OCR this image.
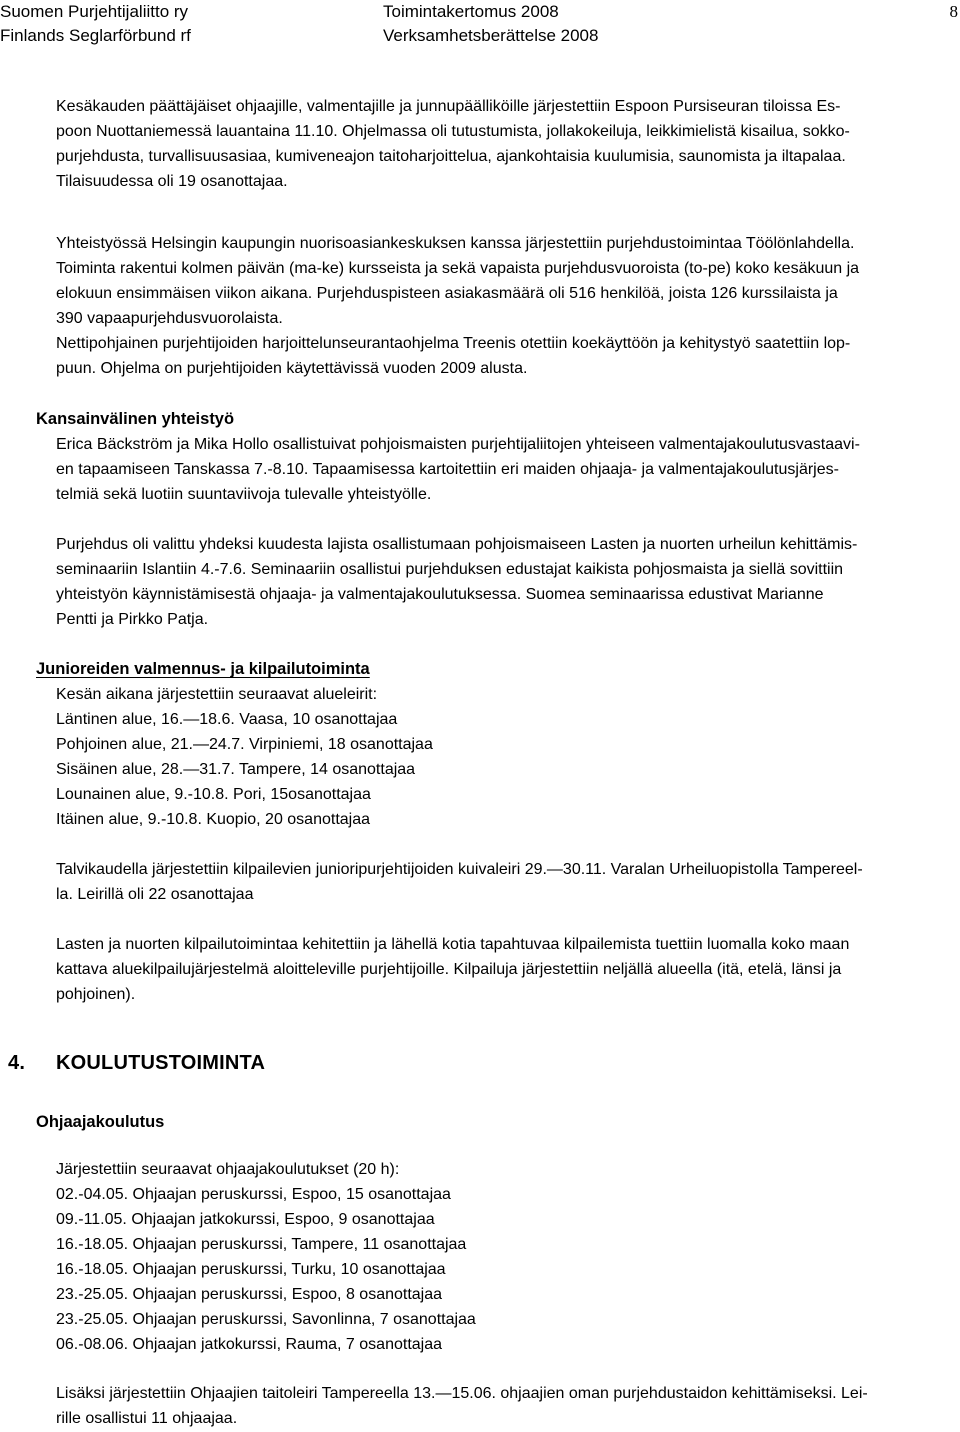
Suomen Purjehtijaliitto ry
Finlands Seglarförbund rf
Toimintakertomus 2008
Verksamhetsberättelse 2008
8
Kesäkauden päättäjäiset ohjaajille, valmentajille ja junnupäälliköille järjestettiin Espoon Pursiseuran tiloissa Es-
poon Nuottaniemessä lauantaina 11.10. Ohjelmassa oli tutustumista, jollakokeiluja, leikkimielistä kisailua, sokko-
purjehdusta, turvallisuusasiaa, kumiveneajon taitoharjoittelua, ajankohtaisia kuulumisia, saunomista ja iltapalaa.
Tilaisuudessa oli 19 osanottajaa.
Yhteistyössä Helsingin kaupungin nuorisoasiankeskuksen kanssa järjestettiin purjehdustoimintaa Töölönlahdella.
Toiminta rakentui kolmen päivän (ma-ke) kursseista ja sekä vapaista purjehdusvuoroista (to-pe) koko kesäkuun ja
elokuun ensimmäisen viikon aikana. Purjehduspisteen asiakasmäärä oli 516 henkilöä, joista 126 kurssilaista ja
390 vapaapurjehdusvuorolaista.
Nettipohjainen purjehtijoiden harjoittelunseurantaohjelma Treenis otettiin koekäyttöön ja kehitystyö saatettiin lop-
puun. Ohjelma on purjehtijoiden käytettävissä vuoden 2009 alusta.
Kansainvälinen yhteistyö
Erica Bäckström ja Mika Hollo osallistuivat pohjoismaisten purjehtijaliitojen yhteiseen valmentajakoulutusvastaavi-
en tapaamiseen Tanskassa 7.-8.10. Tapaamisessa kartoitettiin eri maiden ohjaaja- ja valmentajakoulutusjärjes-
telmiä sekä luotiin suuntaviivoja tulevalle yhteistyölle.
Purjehdus oli valittu yhdeksi kuudesta lajista osallistumaan pohjoismaiseen Lasten ja nuorten urheilun kehittämis-
seminaariin Islantiin 4.-7.6. Seminaariin osallistui purjehduksen edustajat kaikista pohjosmaista ja siellä sovittiin
yhteistyön käynnistämisestä ohjaaja- ja valmentajakoulutuksessa. Suomea seminaarissa edustivat Marianne
Pentti ja Pirkko Patja.
Junioreiden valmennus- ja kilpailutoiminta
Kesän aikana järjestettiin seuraavat alueleirit:
Läntinen alue, 16.—18.6. Vaasa, 10 osanottajaa
Pohjoinen alue, 21.—24.7. Virpiniemi, 18 osanottajaa
Sisäinen alue, 28.—31.7. Tampere, 14 osanottajaa
Lounainen alue, 9.-10.8. Pori, 15osanottajaa
Itäinen alue, 9.-10.8. Kuopio, 20 osanottajaa
Talvikaudella järjestettiin kilpailevien junioripurjehtijoiden kuivaleiri 29.—30.11. Varalan Urheiluopistolla Tampereel-
la. Leirillä oli 22 osanottajaa
Lasten ja nuorten kilpailutoimintaa kehitettiin ja lähellä kotia tapahtuvaa kilpailemista tuettiin luomalla koko maan
kattava aluekilpailujärjestelmä aloitteleville purjehtijoille. Kilpailuja järjestettiin neljällä alueella (itä, etelä, länsi ja
pohjoinen).
4. KOULUTUSTOIMINTA
Ohjaajakoulutus
Järjestettiin seuraavat ohjaajakoulutukset (20 h):
02.-04.05. Ohjaajan peruskurssi, Espoo, 15 osanottajaa
09.-11.05. Ohjaajan jatkokurssi, Espoo, 9 osanottajaa
16.-18.05. Ohjaajan peruskurssi, Tampere, 11 osanottajaa
16.-18.05. Ohjaajan peruskurssi, Turku, 10 osanottajaa
23.-25.05. Ohjaajan peruskurssi, Espoo, 8 osanottajaa
23.-25.05. Ohjaajan peruskurssi, Savonlinna, 7 osanottajaa
06.-08.06. Ohjaajan jatkokurssi, Rauma, 7 osanottajaa
Lisäksi järjestettiin Ohjaajien taitoleiri Tampereella 13.—15.06. ohjaajien oman purjehdustaidon kehittämiseksi. Lei-
rille osallistui 11 ohjaajaa.
